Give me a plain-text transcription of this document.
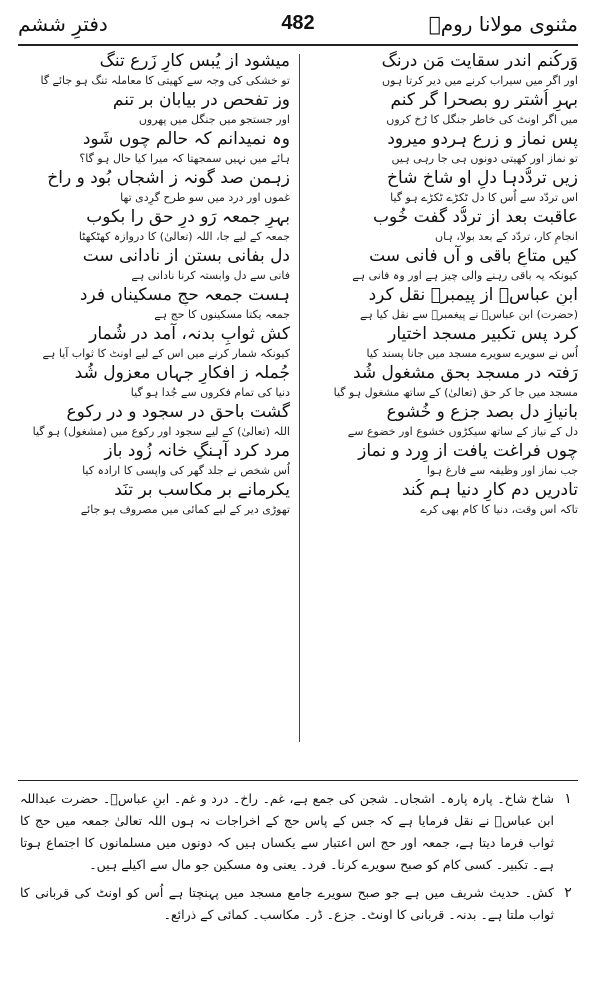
مثنوی مولانا رومؒ
482
دفترِ ششم
وَرکُنم اندر سقایت مَن درنگ
اور اگر میں سیراب کرنے میں دیر کرتا ہوں
بہرِ اُشتر رو بصحرا گر کنم
میں اگر اونٹ کی خاطر جنگل کا رُخ کروں
پس نماز و زرع ہردو میرود
تو نماز اور کھیتی دونوں ہی جا رہی ہیں
زیں تردُّدہا دلِ او شاخ شاخ
اس تردّد سے اُس کا دل ٹکڑے ٹکڑے ہو گیا
عاقبت بعد از تردُّد گفت خُوب
انجامِ کار، تردّد کے بعد بولا، ہاں
کیں متاعِ باقی و آں فانی ست
کیونکہ یہ باقی رہنے والی چیز ہے اور وہ فانی ہے
ابنِ عباسؓ از پیمبرؐ نقل کرد
(حضرت) ابن عباسؓ نے پیغمبرؐ سے نقل کیا ہے
کرد پس تکبیر مسجد اختیار
اُس نے سویرے سویرے مسجد میں جانا پسند کیا
رَفتہ در مسجد بحق مشغول شُد
مسجد میں جا کر حق (تعالیٰ) کے ساتھ مشغول ہو گیا
بانیازِ دل بصد جزع و خُشوع
دل کے نیاز کے ساتھ سیکڑوں خشوع اور خضوع سے
چوں فراغت یافت از وِرد و نماز
جب نماز اور وظیفہ سے فارغ ہوا
تادریں دم کارِ دنیا ہم کُند
تاکہ اس وقت، دنیا کا کام بھی کرے
میشود از یُبس کارِ زَرع تنگ
تو خشکی کی وجہ سے کھیتی کا معاملہ تنگ ہو جائے گا
وز تفحص در بیابان بر تنم
اور جستجو میں جنگل میں پھروں
وہ نمیدانم کہ حالم چوں شَود
ہائے میں نہیں سمجھتا کہ میرا کیا حال ہو گا؟
زہمن صد گونہ ز اشجاں بُود و راخ
غموں اور درد میں سو طرح گرِدی تھا
بہرِ جمعہ رَو درِ حق را بکوب
جمعہ کے لیے جا، اللہ (تعالیٰ) کا دروازہ کھٹکھٹا
دل بفانی بستن از نادانی ست
فانی سے دل وابستہ کرنا نادانی ہے
ہست جمعہ حجِ مسکیناں فرد
جمعہ یکتا مسکینوں کا حج ہے
کش ثوابِ بدنہ، آمد در شُمار
کیونکہ شمار کرنے میں اس کے لیے اونٹ کا ثواب آیا ہے
جُملہ ز افکارِ جہاں معزول شُد
دنیا کی تمام فکروں سے جُدا ہو گیا
گشت باحق در سجود و در رکوع
اللہ (تعالیٰ) کے لیے سجود اور رکوع میں (مشغول) ہو گیا
مرد کرد آہنگِ خانہ زُود باز
اُس شخص نے جلد گھر کی واپسی کا ارادہ کیا
یکرمانے بر مکاسب بر تنَد
تھوڑی دیر کے لیے کمائی میں مصروف ہو جائے
١
شاخ شاخ۔ پارہ پارہ۔ اشجاں۔ شجن کی جمع ہے، غم۔ راخ۔ درد و غم۔ ابنِ عباسؓ۔ حضرت عبداللہ ابن عباسؓ نے نقل فرمایا ہے کہ جس کے پاس حج کے اخراجات نہ ہوں اللہ تعالیٰ جمعہ میں حج کا ثواب فرما دیتا ہے، جمعہ اور حج اس اعتبار سے یکساں ہیں کہ دونوں میں مسلمانوں کا اجتماع ہوتا ہے۔ تکبیر۔ کسی کام کو صبح سویرے کرنا۔ فرد۔ یعنی وہ مسکین جو مال سے اکیلے ہیں۔
٢
کش۔ حدیث شریف میں ہے جو صبح سویرے جامع مسجد میں پہنچتا ہے اُس کو اونٹ کی قربانی کا ثواب ملتا ہے۔ بدنہ۔ قربانی کا اونٹ۔ جزع۔ ڈر۔ مکاسب۔ کمائی کے ذرائع۔
